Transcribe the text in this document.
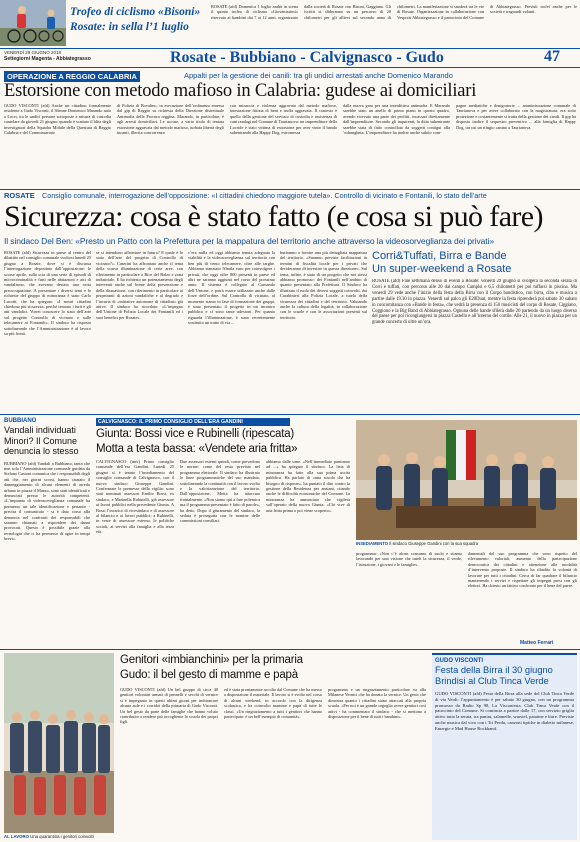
Trofeo di ciclismo «Bisoni»
Rosate: in sella l’1 luglio
ROSATE (afd) Domenica 1 luglio andrà in scena il quinto trofeo di ciclismo «Giovanissimi» riservato ai bambini dai 7 ai 12 anni, organizzato dalla società di Rosate con Bisoni, Gaggiano. Gli iscritti si sfideranno su un percorso di 20 chilometri per gli allievi sul secondo anno di chilometri. La manifestazione si snoderà tra le vie di Rosate. Organizzazione in collaborazione con Vespotti Abbiategrasso e il patrocinio del Comune di Abbiategrasso. Previsti trofei anche per le società e traguardi volanti.
VENERDÌ 29 GIUGNO 2018
Settegiorni Magenta - Abbiategrasso	Rosate - Bubbiano - Calvignasco - Gudo	47
OPERAZIONE A REGGIO CALABRIA	Appalti per la gestione dei canili: tra gli undici arrestati anche Domenico Marando
Estorsione con metodo mafioso in Calabria: gudese ai domiciliari
GUDO VISCONTI (afd) Anche un cittadino formalmente residente a Gudo Visconti, il 36enne Domenico Marando nato a Locri, tra le undici persone sottoposte a misura di custodia cautelare da giovedì 21 giugno: quando è scattato il blitz degli investigatori della Squadra Mobile della Questura di Reggio Calabria e del Commissariato
di Polizia di Bovalino, in esecuzione dell’ordinanza emessa dal gip di Reggio su richiesta della Direzione distrettuale Antimafia della Procura reggina. Marando, in particolare, è agli arresti domiciliari. Le accuse, a vario titolo di tentata estorsione aggravata dal metodo mafioso, turbata libertà degli incanti, illecita concorrenza
con minaccia e violenza aggravata dal metodo mafioso, intestazione fittizia di beni e truffa aggravata. Il contesto è quello della gestione del servizio di custodia e assistenza di cani randagi nel Comune di Taurianova: un imprenditore della Locride è stato vittima di estorsione per aver vinto il bando subentrando alla Happy Dog, estromessa
dalla nuova gara per una interdittiva antimafia. E Marando sarebbe stato un anello di primo piano in questo quadro, avendo ricevuto una parte dei profitti, incassati direttamente dall’imprenditore. Secondo gli inquirenti, la ditta subentrante sarebbe stata di fatto controllata da soggetti contigui alla ’ndrangheta. L’imprenditore ha inoltre anche subito com-
pagne mediatiche e denigratorie ... amministrazione comunale di Taurianova e per avere collaborato con la magistratura, era sotto protezione e costantemente si tratta della gestione dei canili. Il gip ha disposto inoltre il sequestro preventivo ... alla famiglia di Happy Dog, tra cui un rifugio canino a Taurianova.
ROSATE Consiglio comunale, interrogazione dell’opposizione: «I cittadini chiedono maggiore tutela». Controllo di vicinato e Fontanili, lo stato dell’arte
Sicurezza: cosa è stato fatto (e cosa si può fare)
Il sindaco Del Ben: «Presto un Patto con la Prefettura per la mappatura del territorio anche attraverso la videosorveglianza dei privati»
ROSATE (afd) Sicurezza in paese al centro del dibattito nel consiglio comunale svoltosi lunedì 25 giugno a Rosate, dove si è discussa l’interrogazione depositata dall’opposizione: le scorse aprile, sulla scia di una serie di episodi di microcriminalità e furti nelle abitazioni e atti di vandalismo, che avevano destato una certa preoccupazione. A presentare i diversi temi e le richieste del gruppo di minoranza è stato Carlo Lucotti, che ha spiegato: «I nostri cittadini chiedono più sicurezza, perché temono i furti e gli atti vandalici. Vorrei conoscere lo stato dell’arte sul progetto Controllo di vicinato e sulle telecamere ai Fontanili». Il sindaco ha risposto sottolineando che l’Amministrazione è al lavoro su più fronti.
se si intendono affrontare in futuro? E quale è lo stato dell’arte del progetto di Controllo di vicinato?». Caserini ha affrontato anche il tema della scarsa illuminazione di certe aree, con riferimento in particolare a Bice del Balzo e zona industriale. E ha richiesto un potenziamento degli interventi anche sul fronte della prevenzione e della dissuasione, con riferimento in particolare ai perpetranti di azioni vandaliche e al degrado e l’incuria di «initiative autonome di cittadini» già attive. Il sindaco ha ricordato: «L’impegno dell’Unione di Polizia Locale dei Fontanili ed i suoi benefici per Rosate».
c’era nulla ed oggi abbiamo tenuta adeguata la viabilità e la videosorveglianza sul territorio con ben più di cento telecamere, oltre alle targhe. Abbiamo stanziato 50mila euro per coinvolgere i privati, che oggi offre 800 presenti in paese ed altri ne saranno aggiunti nel corso del prossimo anno. Il sistema è collegato al Comando dell’Unione, e potrà essere utilizzato anche dalle forze dell’ordine. Sul Controllo di vicinato, al momento siamo in fase di formazione dei gruppi, è stato presentato il progetto in un incontro pubblico e ci sono tante adesioni. Per quanto riguarda l’illuminazione, è stato recentemente sostituito un tratto di via ...
butiranno a fornire una più dettagliata mappatura del territorio. «Saranno previste facilitazioni in termini di fiscalità locale per i privati che decideranno di investire in questa direzione». Sul tema, infine, è stato di un progetto che noi stessi abbiamo promosso: dei Fontanili nell’ambito di quanto presentato alla Prefettura. Il Sindaco ha illustrato il ruolo dei diversi soggetti coinvolti, dai Carabinieri alla Polizia Locale, a tutela della sicurezza dei cittadini e del territorio. Valutando anche la cultura della legalità, in collaborazione con le scuole e con le associazioni presenti sul territorio.
Corri&Tuffati, Birra e Bande
Un super-weekend a Rosate
ROSATE (afd) Fine settimana denso di eventi a Rosate: venerdì 29 giugno si svolgerà la seconda serata di Corri e tuffati, con percorso alle 20 dal campo Campisi e 6,5 chilometri per poi tuffarsi in piscina. Ma venerdì 29 vede anche l’inizio della festa della Birra con il Corpo bandistico, con birra, cibo e musica a partire dalle 19.30 in piazza. Venerdì sul palco gli E20Duat, mentre la festa riprenderà poi sabato 30 sabato in concomitanza con «Bande in festa», che vedrà la presenza di 150 musicisti del corpo di Rosate, Ciggiano, Coggiono e la Big Band di Abbiategrasso. Ognuna delle bande sfilerà dalle 20 partendo da un luogo diverso del paese per poi ricongiungersi in piazza Castello e all’interno del cortile. Alle 21, il nuovo in piazza per un grande concerto di oltre un’ora.
BUBBIANO
Vandali individuati Minori? Il Comune denuncia lo stesso
BUBBIANO (afd) Vandali a Bubbiano, tanto che non solo l’Amministrazione comunale guidata da Stefano Castoni comunica che i responsabili degli atti che, nei giorni scorsi, hanno causato il danneggiamento di alcuni elementi di arredo urbano in piazza il Mazzo, sono stati identificati e denunciati presso le autorità competenti. «L’impianto di videosorveglianza comunale ha permesso un tale identificazione e pertanto - precisa il comunicato - si è dato corso alla denuncia nel confronti dei responsabili che saranno chiamati a rispondere dei danni provocati. Questo è possibile grazie alla tecnologia che ci ha permesso di agire in tempi brevi».
CALVIGNASCO: IL PRIMO CONSIGLIO DELL’ERA GANDINI
Giunta: Bossi vice e Rubinelli (ripescata)
Motta a testa bassa: «Vendete aria fritta»
INSEDIAMENTO Il sindaco Giuseppe Gandini con la sua squadra
CALVIGNASCO (tmv) Primo consiglio comunale dell’era Gandini. Lunedì 25 giugno si è tenuto l’insediamento del consiglio comunale di Calvignasco, con il nuovo sindaco Giuseppe Gandini. Confermate le premesse della vigilia: sono stati nominati assessori Emilio Bossi, ex sindaco, e Marinella Rubinelli, già assessore ai lavori pubblici nella precedente Giunta. A Bossi l’incarico di vicesindaco e di assessore al bilancio e ai lavori pubblici; a Rubinelli, in veste di assessore esterno, le politiche sociali, ai servizi alla famiglia e alla terza età.
Due assessori esterni quindi, come prevedono le norme: come del resto previsto nel programma elettorale. Il sindaco ha illustrato le linee programmatiche del suo mandato, sottolineando la continuità con il lavoro svolto e la valorizzazione del territorio. Dall’opposizione, Motta ha attaccato frontalmente. «Non siamo qui a fare polemica ma il programma presentato è fatto di parole», ha detto. Dopo il giuramento del sindaco, la seduta è proseguita con le nomine delle commissioni consiliari.
abbiamo dalle urne. «Nell’immediato puntiamo ad ...» ha spiegato il sindaco. La lista di minoranza ha fatto alla sua prima uscita pubblica. Ha parlato di «una scuola che ha bisogno di risposte», ha puntato il dito contro la gestione della Residenza per anziani, citando anche le difficoltà economiche del Comune. La minoranza ha annunciato che vigilerà sull’operato della nuova Giunta. «Chi vive di aria fritta prima o poi viene scoperto».
programma: «Non c’è alcun consumo di suolo e stiamo lavorando per una visione che tuteli la sicurezza, il verde, l’istruzione, i giovani e le famiglie».
damentali del suo programma che sono rispetto del rilevamento valoriali, aumento della partecipazione democratica dei cittadini e attenzione alle modalità d’intervento proposte. Il sindaco ha ribadito la volontà di lavorare per tutti i cittadini. Cerca di far quadrare il bilancio mantenendo i servizi e rispettare gli impegni presi con gli elettori. Ha chiesto un fattivo confronto per il bene del paese.
Matteo Ferrari
AL LAVORO Una quarantina i genitori coinvolti
Genitori «imbianchini» per la primaria
Gudo: il bel gesto di mamme e papà
GUDO VISCONTI (afd) Un bel gruppo di circa 40 genitori volontari armati di pennelli e secchi di vernice si è impegnato in questi ultimi giorni per imbiancare alcune aule e i corridoi della primaria di Gudo Visconti. Un bel gesto da parte delle famiglie che hanno voluto contribuire a rendere più accogliente la scuola dei propri figli.
ed è stata prontamente accolta dal Comune che ha messo a disposizione il materiale. Il lavoro si è svolto nel corso di alcuni weekend, in accordo con la dirigenza scolastica, e ha coinvolto mamme e papà di tutte le classi. «Un ringraziamento a tutti i genitori che hanno partecipato: è un bell’esempio di comunità».
programma e un ringraziamento particolare va alla Milanese Vernici che ha donato la vernice. Un gesto che dimostra quanto i cittadini siano attaccati alla propria scuola. «Per noi è un grande orgoglio avere genitori così attivi - ha commentato il sindaco - che si mettono a disposizione per il bene di tutti i bambini».
GUDO VISCONTI
Festa della Birra il 30 giugno Brindisi al Club Tinca Verde
GUDO VISCONTI (afd) Festa della Birra alla sede del Club Tinca Verde di via Verdi: l’appuntamento è per sabato 30 giugno, con un programma promosso da Radio Sp 98, La Visconteria, Club Tinca Verde con il patrocinio del Comune. Si comincia a partire dalle 17, con servizio griglia attivo tutta la serata, tra panini, salamelle, wurstel, patatine e birre. Previste anche musica dal vivo con i Tri Perdu, canzoni tipiche in dialetto milanese, Emergie e Mad House Rockband.
